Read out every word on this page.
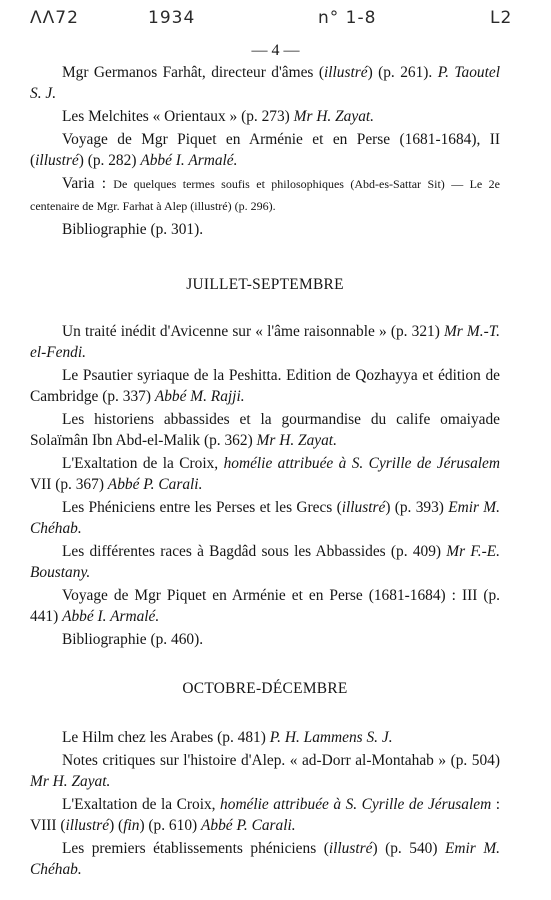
ΛΛ72	1934	n° 1-8	L2
— 4 —

Mgr Germanos Farhât, directeur d'âmes (illustré) (p. 261). P. Taoutel S. J.

Les Melchites « Orientaux » (p. 273) Mr H. Zayat.

Voyage de Mgr Piquet en Arménie et en Perse (1681-1684), II (illustré) (p. 282) Abbé I. Armalé.

Varia : De quelques termes soufis et philosophiques (Abd-es-Sattar Sit) — Le 2e centenaire de Mgr. Farhat à Alep (illustré) (p. 296).

Bibliographie (p. 301).

JUILLET-SEPTEMBRE

Un traité inédit d'Avicenne sur « l'âme raisonnable » (p. 321) Mr M.-T. el-Fendi.

Le Psautier syriaque de la Peshitta. Edition de Qozhayya et édition de Cambridge (p. 337) Abbé M. Rajji.

Les historiens abbassides et la gourmandise du calife omaiyade Solaïmân Ibn Abd-el-Malik (p. 362) Mr H. Zayat.

L'Exaltation de la Croix, homélie attribuée à S. Cyrille de Jérusalem VII (p. 367) Abbé P. Carali.

Les Phéniciens entre les Perses et les Grecs (illustré) (p. 393) Emir M. Chéhab.

Les différentes races à Bagdâd sous les Abbassides (p. 409) Mr F.-E. Boustany.

Voyage de Mgr Piquet en Arménie et en Perse (1681-1684) : III (p. 441) Abbé I. Armalé.

Bibliographie (p. 460).

OCTOBRE-DÉCEMBRE

Le Hilm chez les Arabes (p. 481) P. H. Lammens S. J.

Notes critiques sur l'histoire d'Alep. « ad-Dorr al-Montahab » (p. 504) Mr H. Zayat.

L'Exaltation de la Croix, homélie attribuée à S. Cyrille de Jérusalem : VIII (illustré) (fin) (p. 610) Abbé P. Carali.

Les premiers établissements phéniciens (illustré) (p. 540) Emir M. Chéhab.
